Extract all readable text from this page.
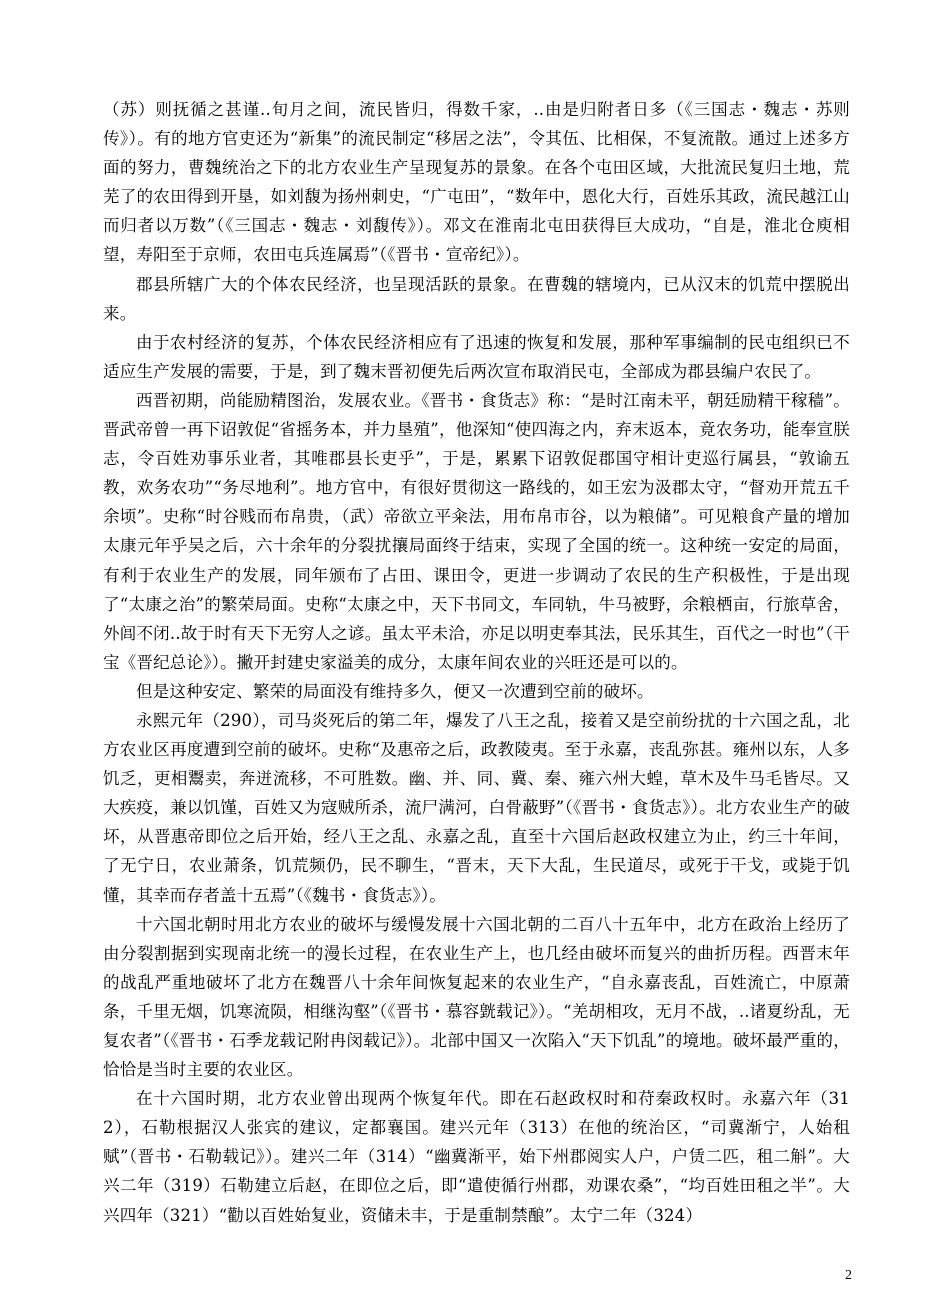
（苏）则抚循之甚谨..旬月之间，流民皆归，得数千家，..由是归附者日多（《三国志・魏志・苏则传》）。有的地方官吏还为“新集”的流民制定“移居之法”，令其伍、比相保，不复流散。通过上述多方面的努力，曹魏统治之下的北方农业生产呈现复苏的景象。在各个屯田区域，大批流民复归土地，荒芜了的农田得到开垦，如刘馥为扬州刺史，“广屯田”，“数年中，恩化大行，百姓乐其政，流民越江山而归者以万数”（《三国志・魏志・刘馥传》）。邓文在淮南北屯田获得巨大成功，“自是，淮北仓庾相望，寿阳至于京师，农田屯兵连属焉”（《晋书・宣帝纪》）。

郡县所辖广大的个体农民经济，也呈现活跃的景象。在曹魏的辖境内，已从汉末的饥荒中摆脱出来。

由于农村经济的复苏，个体农民经济相应有了迅速的恢复和发展，那种军事编制的民屯组织已不适应生产发展的需要，于是，到了魏末晋初便先后两次宣布取消民屯，全部成为郡县编户农民了。

西晋初期，尚能励精图治，发展农业。《晋书・食货志》称：“是时江南未平，朝廷励精干稼穑”。晋武帝曾一再下诏敦促“省摇务本，并力垦殖”，他深知“使四海之内，弃末返本，竟农务功，能奉宣朕志，令百姓劝事乐业者，其唯郡县长吏乎”，于是，累累下诏敦促郡国守相计吏巡行属县，“敦谕五教，欢务农功”“务尽地利”。地方官中，有很好贯彻这一路线的，如王宏为汲郡太守，“督劝开荒五千余顷”。史称“时谷贱而布帛贵，（武）帝欲立平籴法，用布帛市谷，以为粮储”。可见粮食产量的增加太康元年乎吴之后，六十余年的分裂扰攘局面终于结束，实现了全国的统一。这种统一安定的局面，有利于农业生产的发展，同年颁布了占田、课田令，更进一步调动了农民的生产积极性，于是出现了“太康之治”的繁荣局面。史称“太康之中，天下书同文，车同轨，牛马被野，余粮栖亩，行旅草舍，外闾不闭..故于时有天下无穷人之谚。虽太平未洽，亦足以明吏奉其法，民乐其生，百代之一时也”（干宝《晋纪总论》）。撇开封建史家溢美的成分，太康年间农业的兴旺还是可以的。

但是这种安定、繁荣的局面没有维持多久，便又一次遭到空前的破坏。

永熙元年（290），司马炎死后的第二年，爆发了八王之乱，接着又是空前纷扰的十六国之乱，北方农业区再度遭到空前的破坏。史称“及惠帝之后，政教陵夷。至于永嘉，丧乱弥甚。雍州以东，人多饥乏，更相鬻卖，奔迸流移，不可胜数。幽、并、同、冀、秦、雍六州大蝗，草木及牛马毛皆尽。又大疾疫，兼以饥馑，百姓又为寇贼所杀，流尸满河，白骨蔽野”（《晋书・食货志》）。北方农业生产的破坏，从晋惠帝即位之后开始，经八王之乱、永嘉之乱，直至十六国后赵政权建立为止，约三十年间，了无宁日，农业萧条，饥荒频仍，民不聊生，“晋末，天下大乱，生民道尽，或死于干戈，或毙于饥懂，其幸而存者盖十五焉”（《魏书・食货志》）。

十六国北朝时用北方农业的破坏与缓慢发展十六国北朝的二百八十五年中，北方在政治上经历了由分裂割据到实现南北统一的漫长过程，在农业生产上，也几经由破坏而复兴的曲折历程。西晋末年的战乱严重地破坏了北方在魏晋八十余年间恢复起来的农业生产，“自永嘉丧乱，百姓流亡，中原萧条，千里无烟，饥寒流陨，相继沟壑”（《晋书・慕容皝载记》）。“羌胡相攻，无月不战，..诸夏纷乱，无复农者”（《晋书・石季龙载记附冉闵载记》）。北部中国又一次陷入“天下饥乱”的境地。破坏最严重的，恰恰是当时主要的农业区。

在十六国时期，北方农业曾出现两个恢复年代。即在石赵政权时和苻秦政权时。永嘉六年（312），石勒根据汉人张宾的建议，定都襄国。建兴元年（313）在他的统治区，“司冀渐宁，人始租赋”（晋书・石勒载记》）。建兴二年（314）“幽冀渐平，始下州郡阅实人户，户赁二匹，租二斛”。大兴二年（319）石勒建立后赵，在即位之后，即“遣使循行州郡，劝课农桑”，“均百姓田租之半”。大兴四年（321）“勸以百姓始复业，资储未丰，于是重制禁酿”。太宁二年（324）

2
